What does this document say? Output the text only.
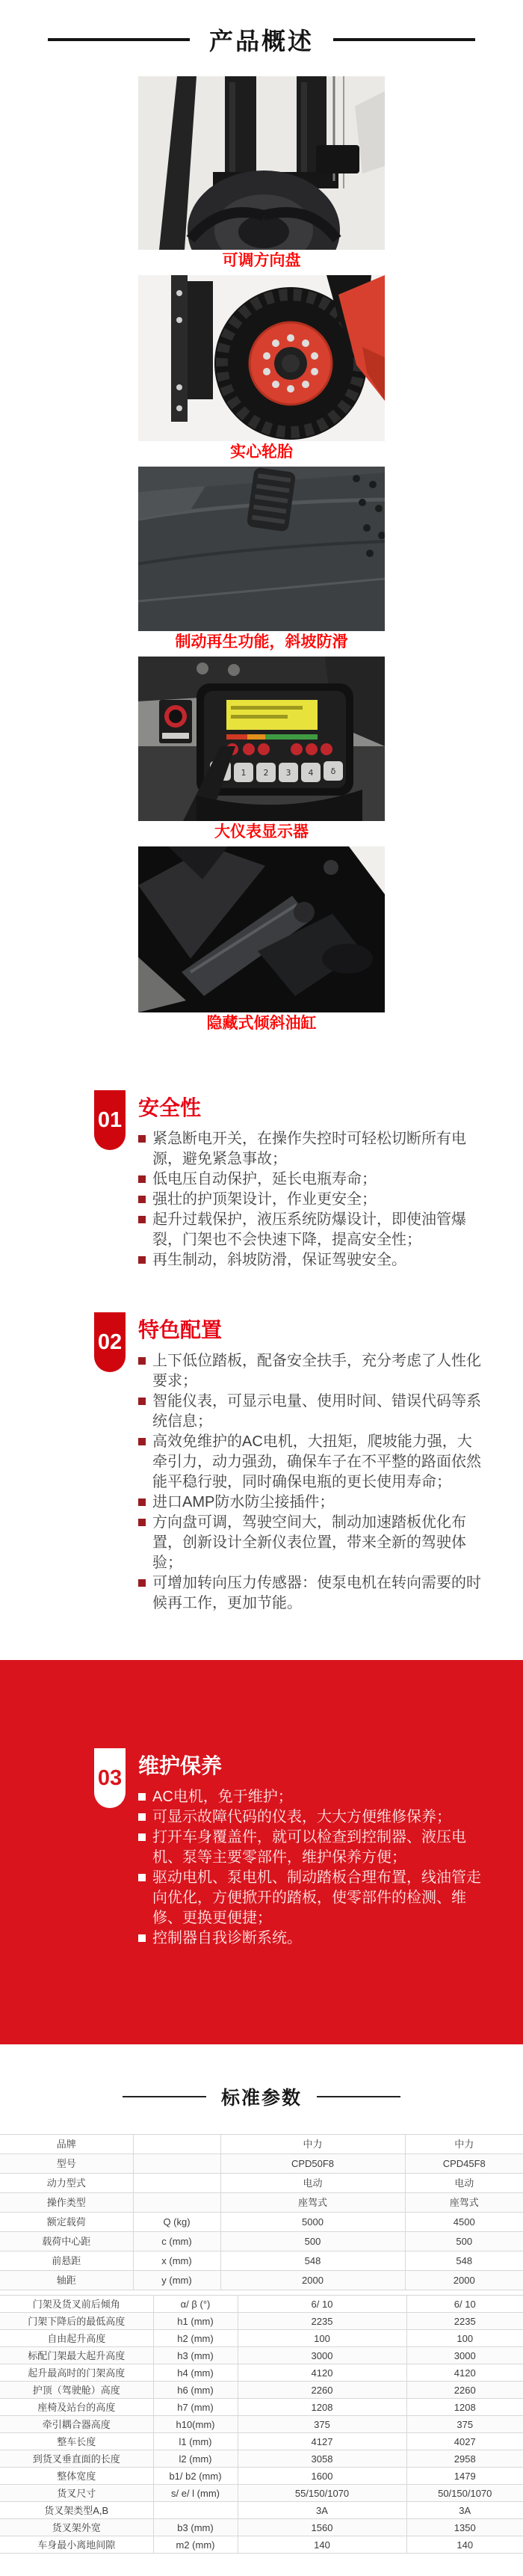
产品概述
可调方向盘
实心轮胎
制动再生功能，斜坡防滑
1 2 3 4 δ
大仪表显示器
隐藏式倾斜油缸
01 安全性
紧急断电开关，在操作失控时可轻松切断所有电源，避免紧急事故；
低电压自动保护，延长电瓶寿命；
强壮的护顶架设计，作业更安全；
起升过载保护，液压系统防爆设计，即使油管爆裂，门架也不会快速下降，提高安全性；
再生制动，斜坡防滑，保证驾驶安全。
02 特色配置
上下低位踏板，配备安全扶手，充分考虑了人性化要求；
智能仪表，可显示电量、使用时间、错误代码等系统信息；
高效免维护的AC电机，大扭矩，爬坡能力强，大牵引力，动力强劲，确保车子在不平整的路面依然能平稳行驶，同时确保电瓶的更长使用寿命；
进口AMP防水防尘接插件；
方向盘可调，驾驶空间大，制动加速踏板优化布置，创新设计全新仪表位置，带来全新的驾驶体验；
可增加转向压力传感器：使泵电机在转向需要的时候再工作，更加节能。
03 维护保养
AC电机，免于维护；
可显示故障代码的仪表，大大方便维修保养；
打开车身覆盖件，就可以检查到控制器、液压电机、泵等主要零部件，维护保养方便；
驱动电机、泵电机、制动踏板合理布置，线油管走向优化，方便掀开的踏板，使零部件的检测、维修、更换更便捷；
控制器自我诊断系统。
标准参数
品牌		中力	中力
型号		CPD50F8	CPD45F8
动力型式		电动	电动
操作类型		座驾式	座驾式
额定载荷	Q (kg)	5000	4500
载荷中心距	c (mm)	500	500
前悬距	x (mm)	548	548
轴距	y (mm)	2000	2000
门架及货叉前后倾角	α/ β (°)	6/ 10	6/ 10
门架下降后的最低高度	h1 (mm)	2235	2235
自由起升高度	h2 (mm)	100	100
标配门架最大起升高度	h3 (mm)	3000	3000
起升最高时的门架高度	h4 (mm)	4120	4120
护顶（驾驶舱）高度	h6 (mm)	2260	2260
座椅及站台的高度	h7 (mm)	1208	1208
牵引耦合器高度	h10(mm)	375	375
整车长度	l1 (mm)	4127	4027
到货叉垂直面的长度	l2 (mm)	3058	2958
整体宽度	b1/ b2 (mm)	1600	1479
货叉尺寸	s/ e/ l (mm)	55/150/1070	50/150/1070
货叉架类型A,B		3A	3A
货叉架外宽	b3 (mm)	1560	1350
车身最小离地间隙	m2 (mm)	140	140
